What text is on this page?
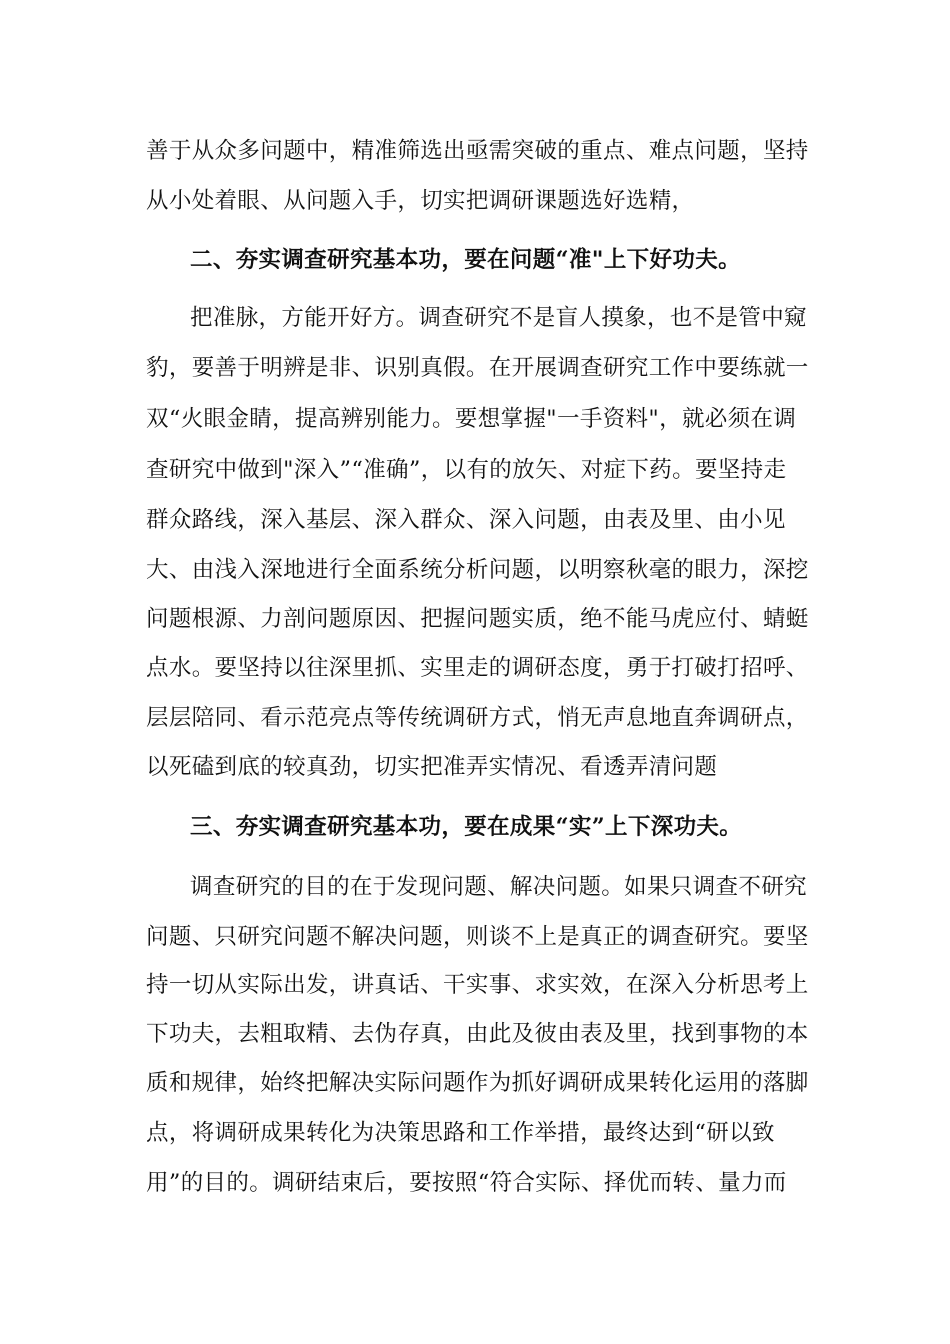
善于从众多问题中，精准筛选出亟需突破的重点、难点问题，坚持
从小处着眼、从问题入手，切实把调研课题选好选精，
二、夯实调查研究基本功，要在问题“准"上下好功夫。
把准脉，方能开好方。调查研究不是盲人摸象，也不是管中窥
豹，要善于明辨是非、识别真假。在开展调查研究工作中要练就一
双“火眼金睛，提高辨别能力。要想掌握"一手资料"，就必须在调
查研究中做到"深入”“准确”，以有的放矢、对症下药。要坚持走
群众路线，深入基层、深入群众、深入问题，由表及里、由小见
大、由浅入深地进行全面系统分析问题，以明察秋毫的眼力，深挖
问题根源、力剖问题原因、把握问题实质，绝不能马虎应付、蜻蜓
点水。要坚持以往深里抓、实里走的调研态度，勇于打破打招呼、
层层陪同、看示范亮点等传统调研方式，悄无声息地直奔调研点，
以死磕到底的较真劲，切实把准弄实情况、看透弄清问题
三、夯实调查研究基本功，要在成果“实”上下深功夫。
调查研究的目的在于发现问题、解决问题。如果只调查不研究
问题、只研究问题不解决问题，则谈不上是真正的调查研究。要坚
持一切从实际出发，讲真话、干实事、求实效，在深入分析思考上
下功夫，去粗取精、去伪存真，由此及彼由表及里，找到事物的本
质和规律，始终把解决实际问题作为抓好调研成果转化运用的落脚
点，将调研成果转化为决策思路和工作举措，最终达到“研以致
用”的目的。调研结束后，要按照“符合实际、择优而转、量力而
